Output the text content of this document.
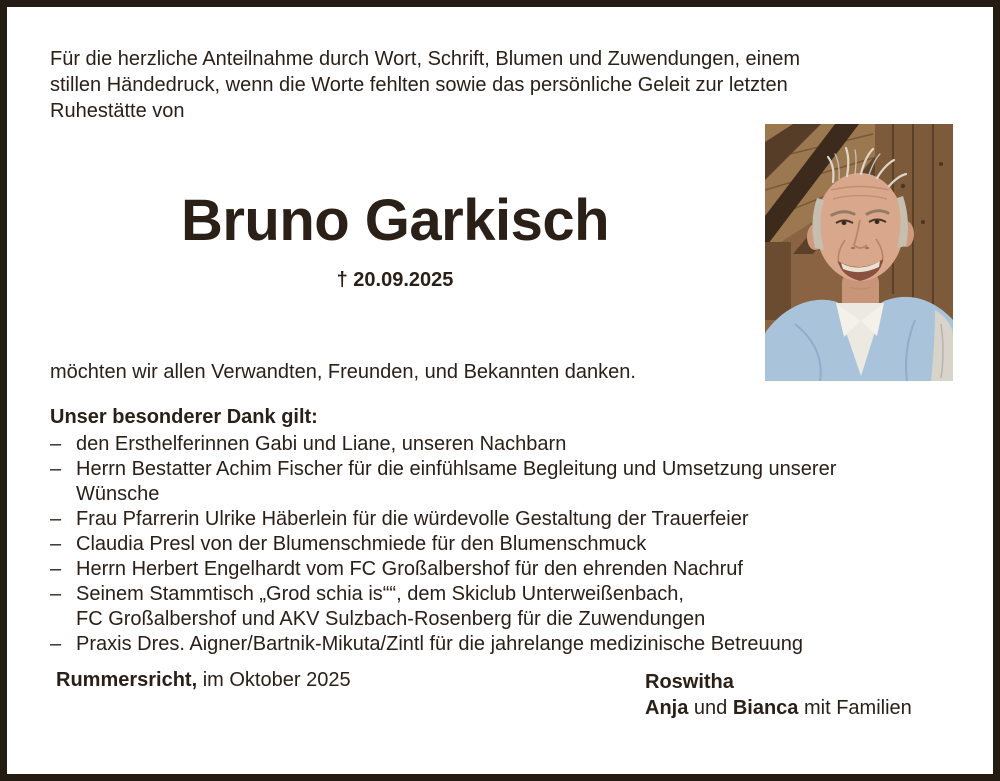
Für die herzliche Anteilnahme durch Wort, Schrift, Blumen und Zuwendungen, einem
stillen Händedruck, wenn die Worte fehlten sowie das persönliche Geleit zur letzten
Ruhestätte von
Bruno Garkisch
† 20.09.2025
möchten wir allen Verwandten, Freunden, und Bekannten danken.
Unser besonderer Dank gilt:
– den Ersthelferinnen Gabi und Liane, unseren Nachbarn
– Herrn Bestatter Achim Fischer für die einfühlsame Begleitung und Umsetzung unserer
Wünsche
– Frau Pfarrerin Ulrike Häberlein für die würdevolle Gestaltung der Trauerfeier
– Claudia Presl von der Blumenschmiede für den Blumenschmuck
– Herrn Herbert Engelhardt vom FC Großalbershof für den ehrenden Nachruf
– Seinem Stammtisch „Grod schia is““, dem Skiclub Unterweißenbach,
FC Großalbershof und AKV Sulzbach-Rosenberg für die Zuwendungen
– Praxis Dres. Aigner/Bartnik-Mikuta/Zintl für die jahrelange medizinische Betreuung
Rummersricht, im Oktober 2025	Roswitha
Anja und Bianca mit Familien
